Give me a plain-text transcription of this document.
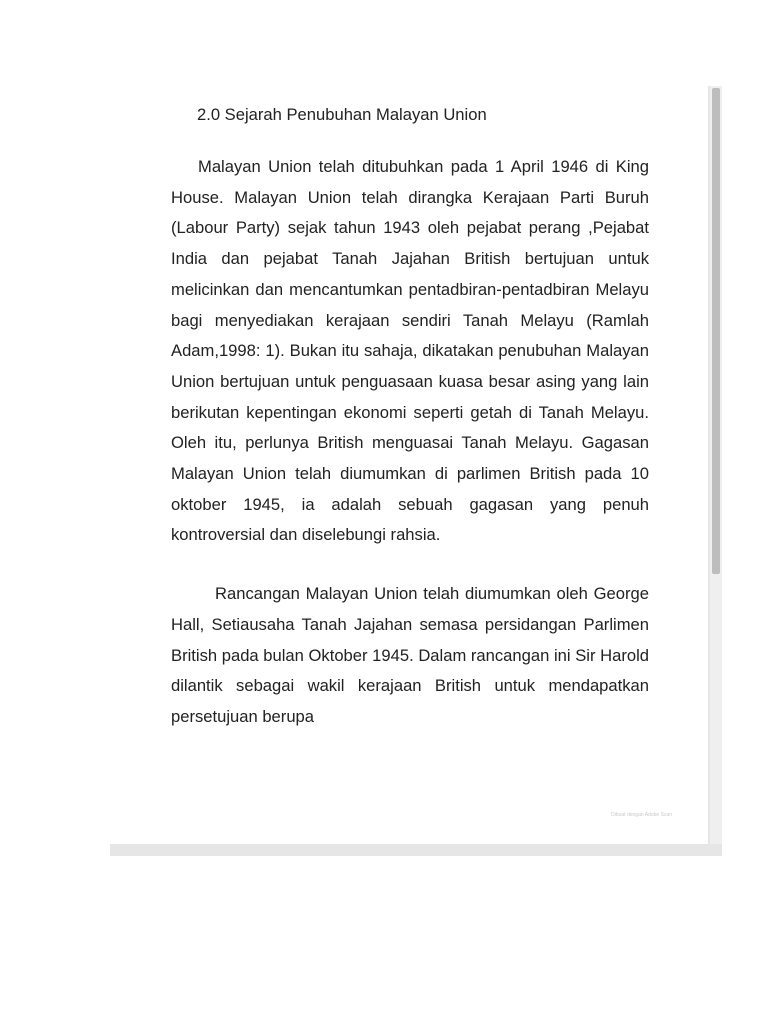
2.0 Sejarah Penubuhan Malayan Union

Malayan Union telah ditubuhkan pada 1 April 1946 di King House. Malayan Union telah dirangka Kerajaan Parti Buruh (Labour Party) sejak tahun 1943 oleh pejabat perang ,Pejabat India dan pejabat Tanah Jajahan British bertujuan untuk melicinkan dan mencantumkan pentadbiran-pentadbiran Melayu bagi menyediakan kerajaan sendiri Tanah Melayu (Ramlah Adam,1998: 1). Bukan itu sahaja, dikatakan penubuhan Malayan Union bertujuan untuk penguasaan kuasa besar asing yang lain berikutan kepentingan ekonomi seperti getah di Tanah Melayu. Oleh itu, perlunya British menguasai Tanah Melayu. Gagasan Malayan Union telah diumumkan di parlimen British pada 10 oktober 1945, ia adalah sebuah gagasan yang penuh kontroversial dan diselebungi rahsia.

Rancangan Malayan Union telah diumumkan oleh George Hall, Setiausaha Tanah Jajahan semasa persidangan Parlimen British pada bulan Oktober 1945. Dalam rancangan ini Sir Harold dilantik sebagai wakil kerajaan British untuk mendapatkan persetujuan berupa

Dibuat dengan Adobe Scan
